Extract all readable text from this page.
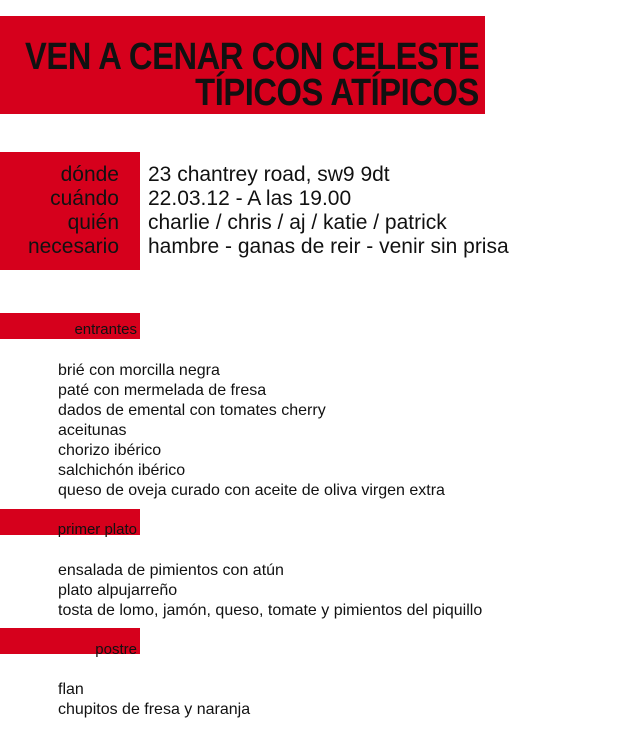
VEN A CENAR CON CELESTE
TÍPICOS ATÍPICOS
dónde 23 chantrey road, sw9 9dt
cuándo 22.03.12 - A las 19.00
quién charlie / chris / aj / katie / patrick
necesario hambre - ganas de reir - venir sin prisa
entrantes
brié con morcilla negra
paté con mermelada de fresa
dados de emental con tomates cherry
aceitunas
chorizo ibérico
salchichón ibérico
queso de oveja curado con aceite de oliva virgen extra
primer plato
ensalada de pimientos con atún
plato alpujarreño
tosta de lomo, jamón, queso, tomate y pimientos del piquillo
postre
flan
chupitos de fresa y naranja
